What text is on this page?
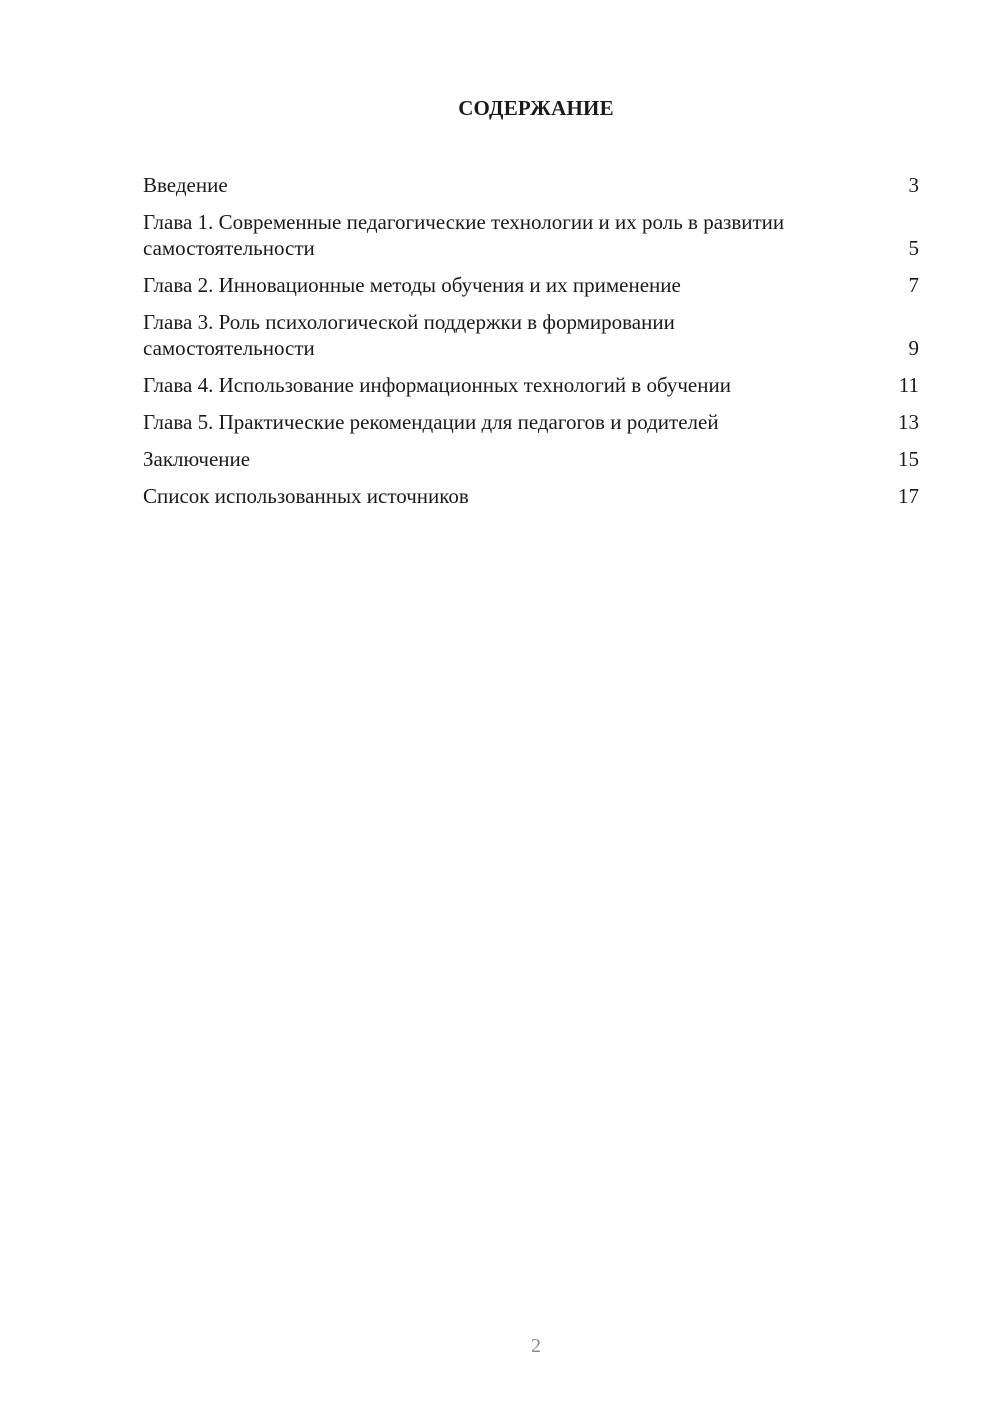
СОДЕРЖАНИЕ
Введение	3
Глава 1. Современные педагогические технологии и их роль в развитии самостоятельности	5
Глава 2. Инновационные методы обучения и их применение	7
Глава 3. Роль психологической поддержки в формировании самостоятельности	9
Глава 4. Использование информационных технологий в обучении	11
Глава 5. Практические рекомендации для педагогов и родителей	13
Заключение	15
Список использованных источников	17
2
